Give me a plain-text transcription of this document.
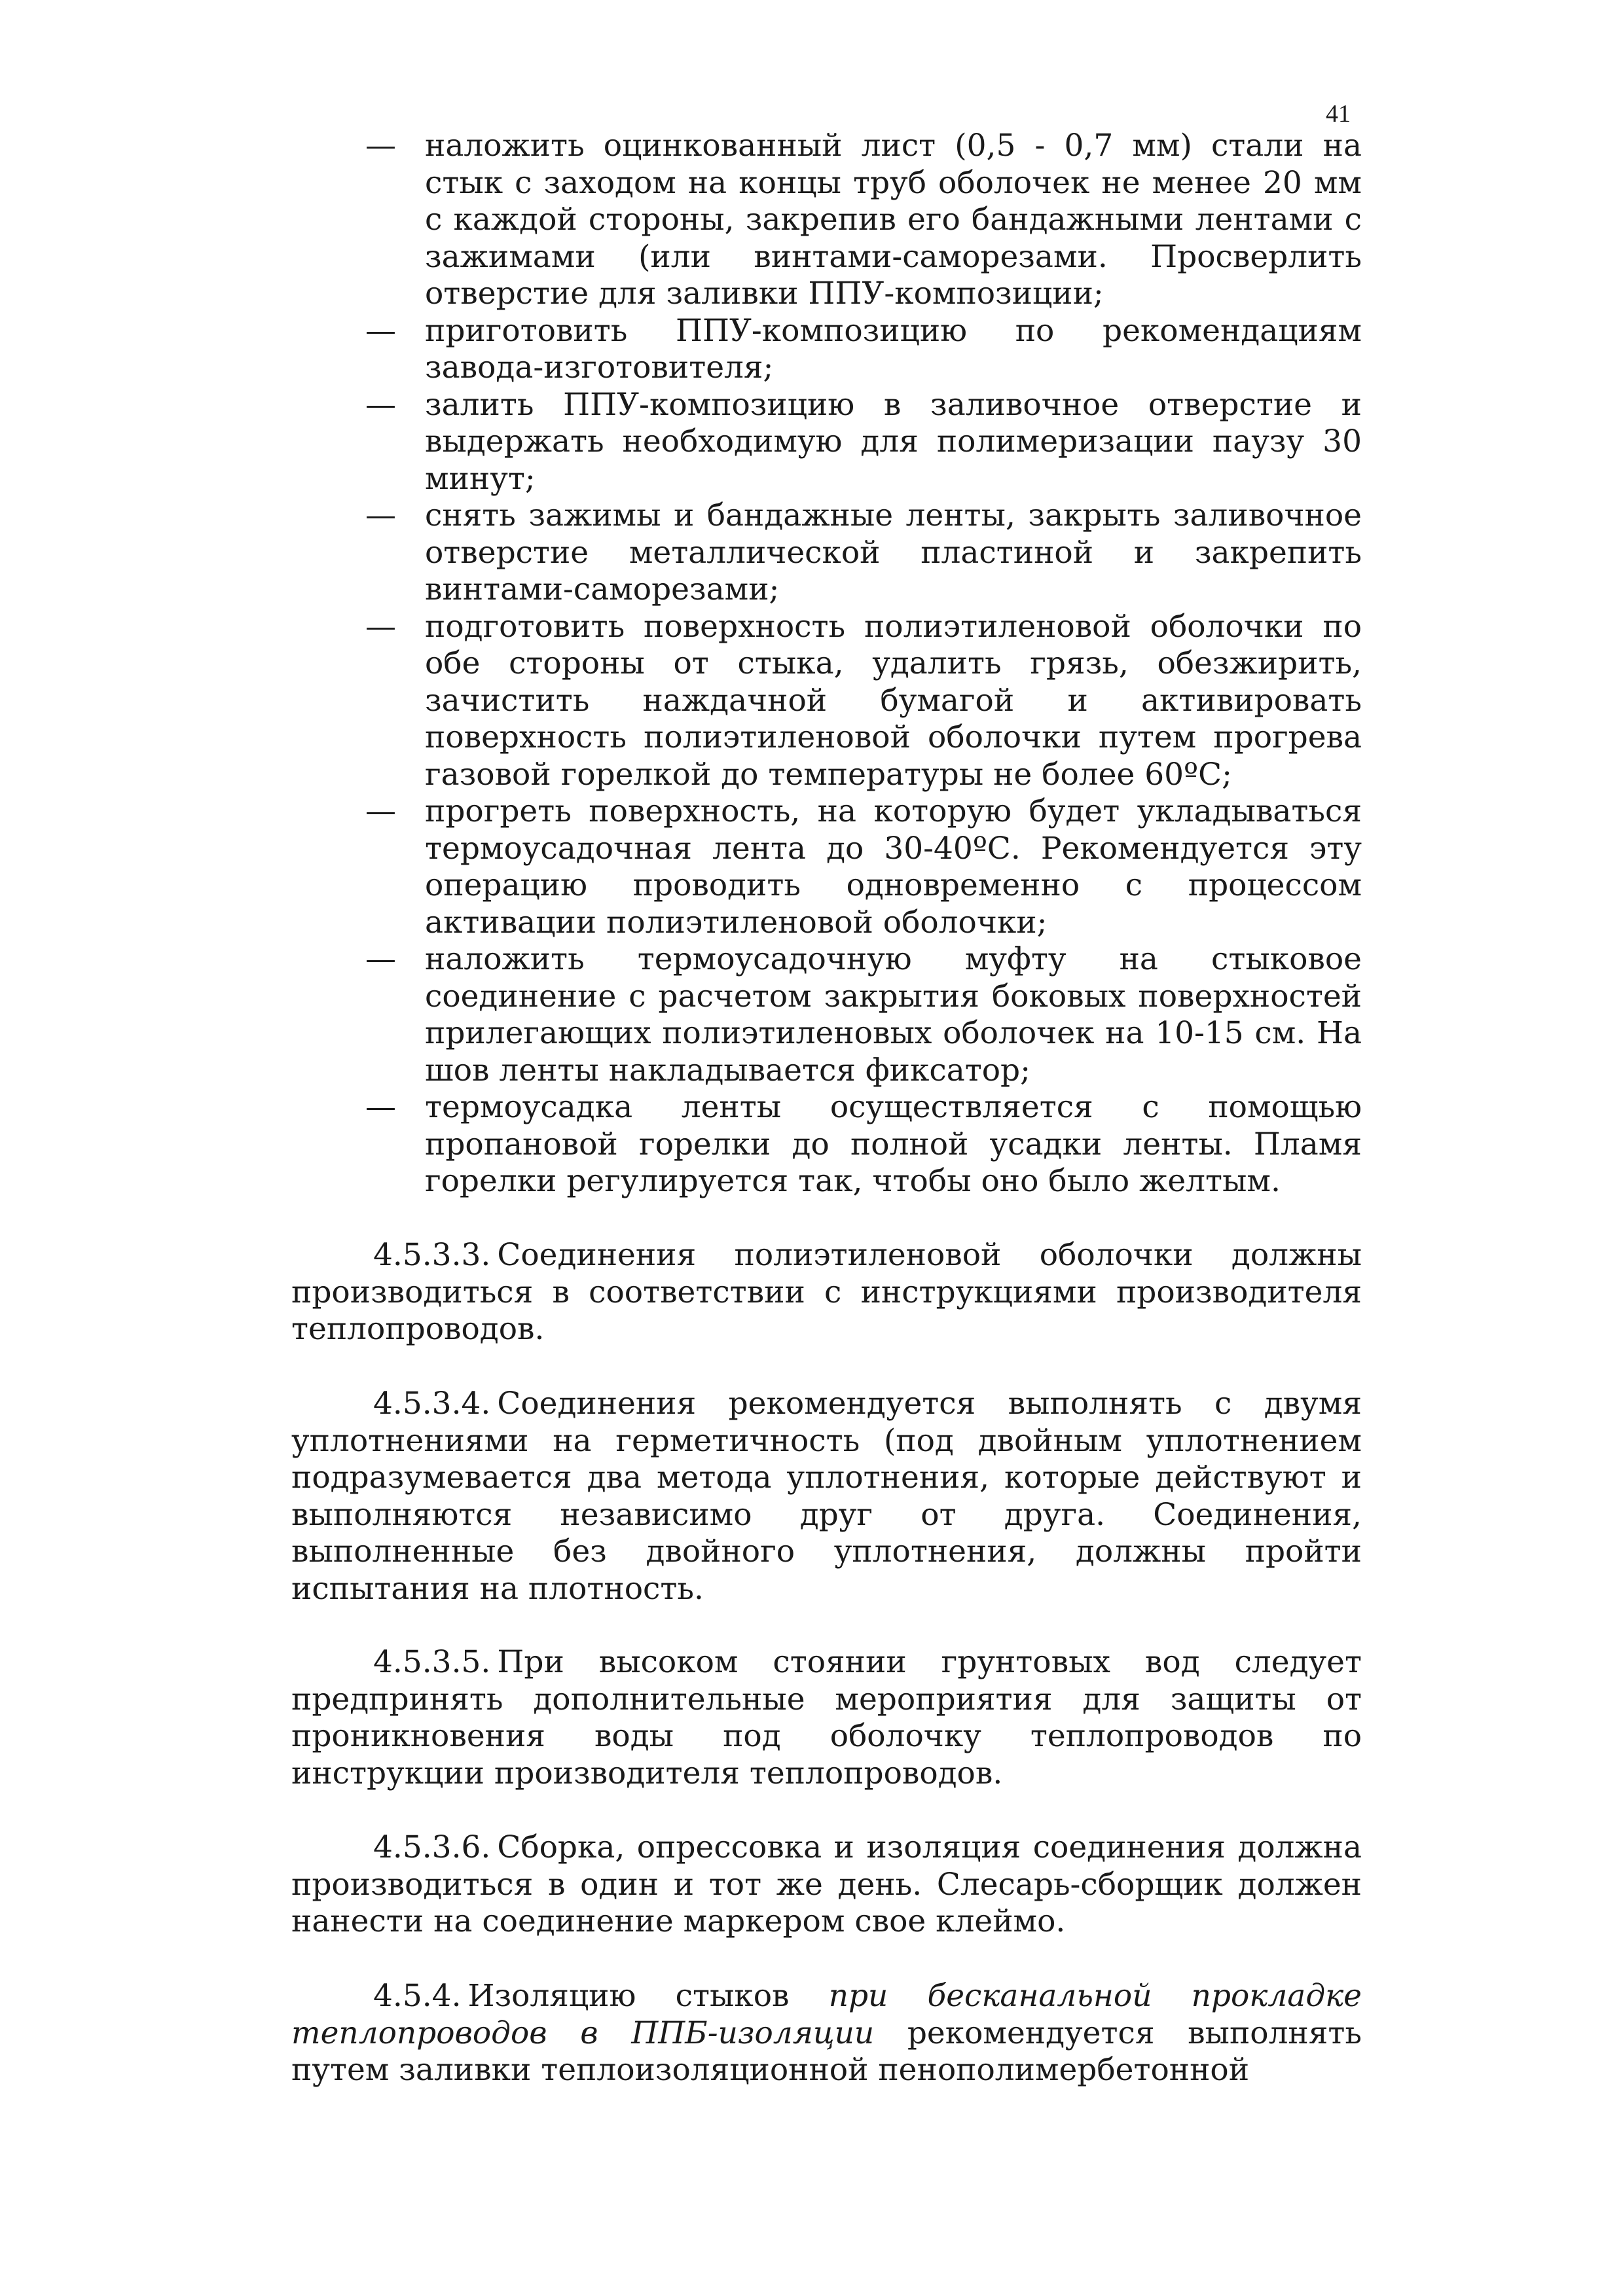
41
— наложить оцинкованный лист (0,5 - 0,7 мм) стали на стык с заходом на концы труб оболочек не менее 20 мм с каждой стороны, закрепив его бандажными лентами с зажимами (или винтами-саморезами. Просверлить отверстие для заливки ППУ-композиции;
— приготовить ППУ-композицию по рекомендациям завода-изготовителя;
— залить ППУ-композицию в заливочное отверстие и выдержать необходимую для полимеризации паузу 30 минут;
— снять зажимы и бандажные ленты, закрыть заливочное отверстие металлической пластиной и закрепить винтами-саморезами;
— подготовить поверхность полиэтиленовой оболочки по обе стороны от стыка, удалить грязь, обезжирить, зачистить наждачной бумагой и активировать поверхность полиэтиленовой оболочки путем прогрева газовой горелкой до температуры не более 60ºС;
— прогреть поверхность, на которую будет укладываться термоусадочная лента до 30-40ºС. Рекомендуется эту операцию проводить одновременно с процессом активации полиэтиленовой оболочки;
— наложить термоусадочную муфту на стыковое соединение с расчетом закрытия боковых поверхностей прилегающих полиэтиленовых оболочек на 10-15 см. На шов ленты накладывается фиксатор;
— термоусадка ленты осуществляется с помощью пропановой горелки до полной усадки ленты. Пламя горелки регулируется так, чтобы оно было желтым.

4.5.3.3. Соединения полиэтиленовой оболочки должны производиться в соответствии с инструкциями производителя теплопроводов.

4.5.3.4. Соединения рекомендуется выполнять с двумя уплотнениями на герметичность (под двойным уплотнением подразумевается два метода уплотнения, которые действуют и выполняются независимо друг от друга. Соединения, выполненные без двойного уплотнения, должны пройти испытания на плотность.

4.5.3.5. При высоком стоянии грунтовых вод следует предпринять дополнительные мероприятия для защиты от проникновения воды под оболочку теплопроводов по инструкции производителя теплопроводов.

4.5.3.6. Сборка, опрессовка и изоляция соединения должна производиться в один и тот же день. Слесарь-сборщик должен нанести на соединение маркером свое клеймо.

4.5.4. Изоляцию стыков при бесканальной прокладке теплопроводов в ППБ-изоляции рекомендуется выполнять путем заливки теплоизоляционной пенополимербетонной
